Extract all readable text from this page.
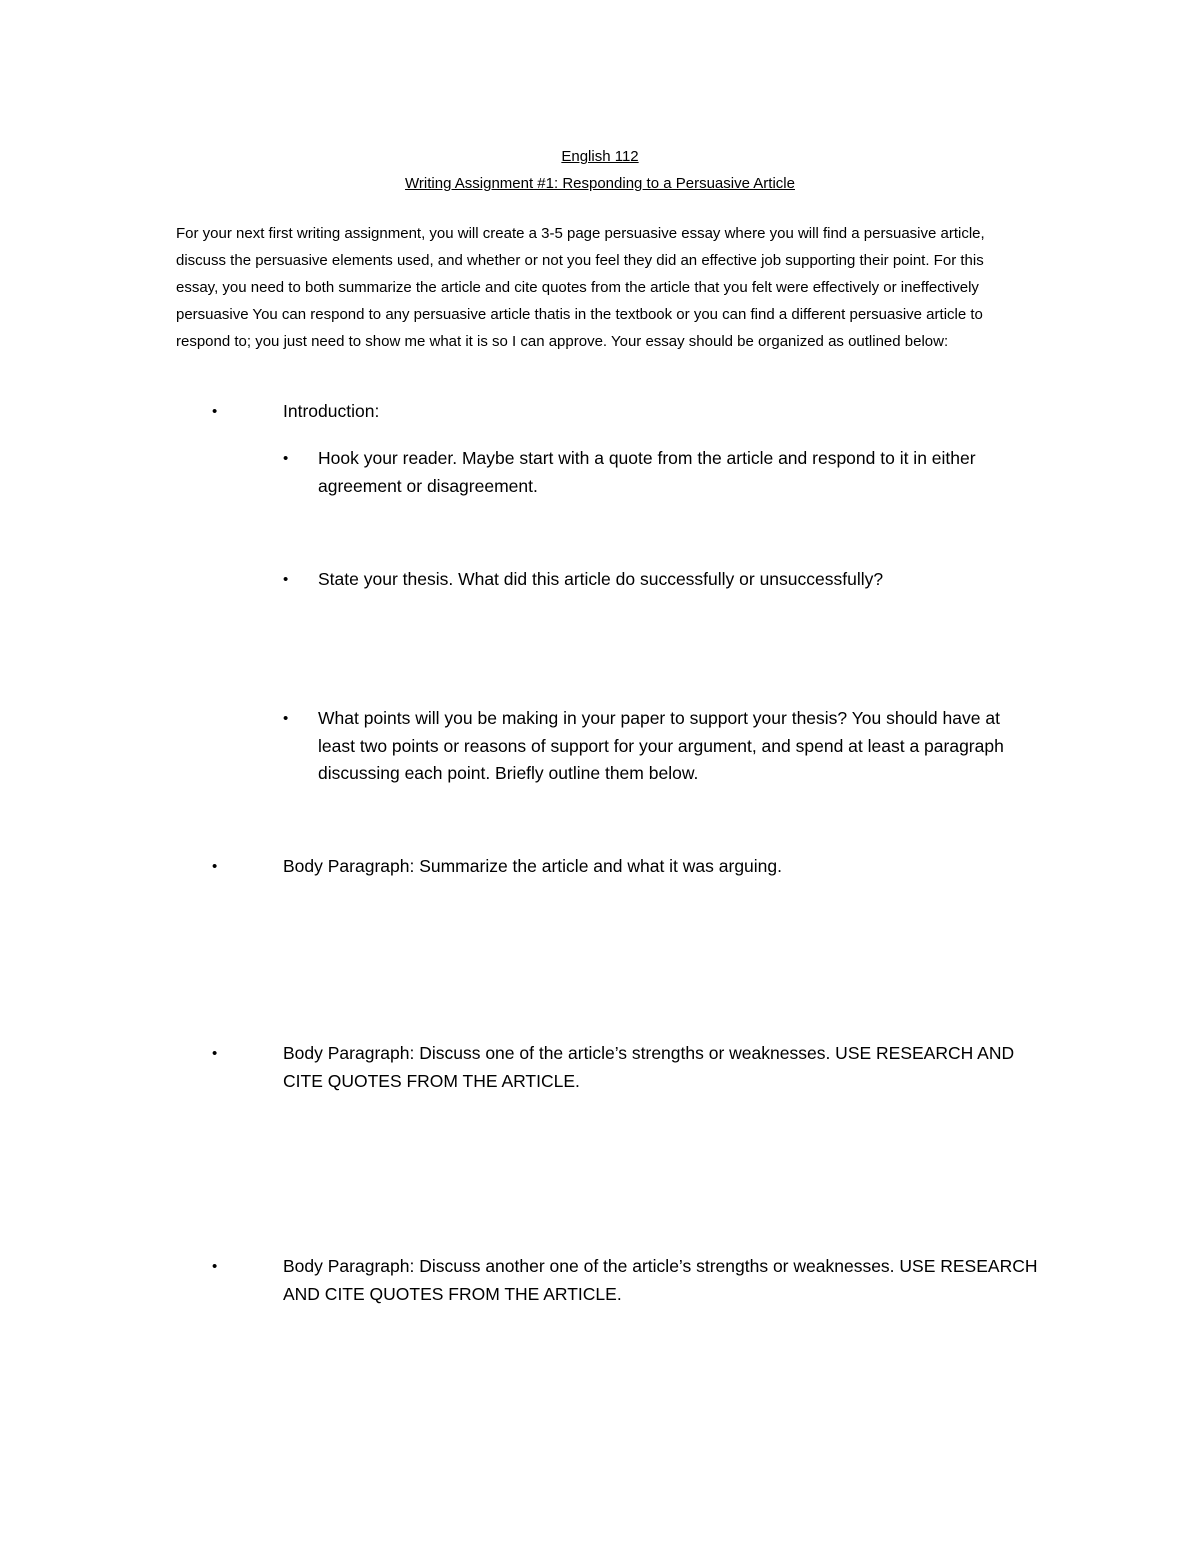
English 112
Writing Assignment #1: Responding to a Persuasive Article

For your next first writing assignment, you will create a 3-5 page persuasive essay where you will find a persuasive article, discuss the persuasive elements used, and whether or not you feel they did an effective job supporting their point. For this essay, you need to both summarize the article and cite quotes from the article that you felt were effectively or ineffectively persuasive You can respond to any persuasive article thatis in the textbook or you can find a different persuasive article to respond to; you just need to show me what it is so I can approve. Your essay should be organized as outlined below:

•	Introduction:
• Hook your reader. Maybe start with a quote from the article and respond to it in either agreement or disagreement.
• State your thesis. What did this article do successfully or unsuccessfully?
• What points will you be making in your paper to support your thesis? You should have at least two points or reasons of support for your argument, and spend at least a paragraph discussing each point. Briefly outline them below.
•	Body Paragraph: Summarize the article and what it was arguing.
•	Body Paragraph: Discuss one of the article’s strengths or weaknesses. USE RESEARCH AND CITE QUOTES FROM THE ARTICLE.
•	Body Paragraph: Discuss another one of the article’s strengths or weaknesses. USE RESEARCH AND CITE QUOTES FROM THE ARTICLE.
